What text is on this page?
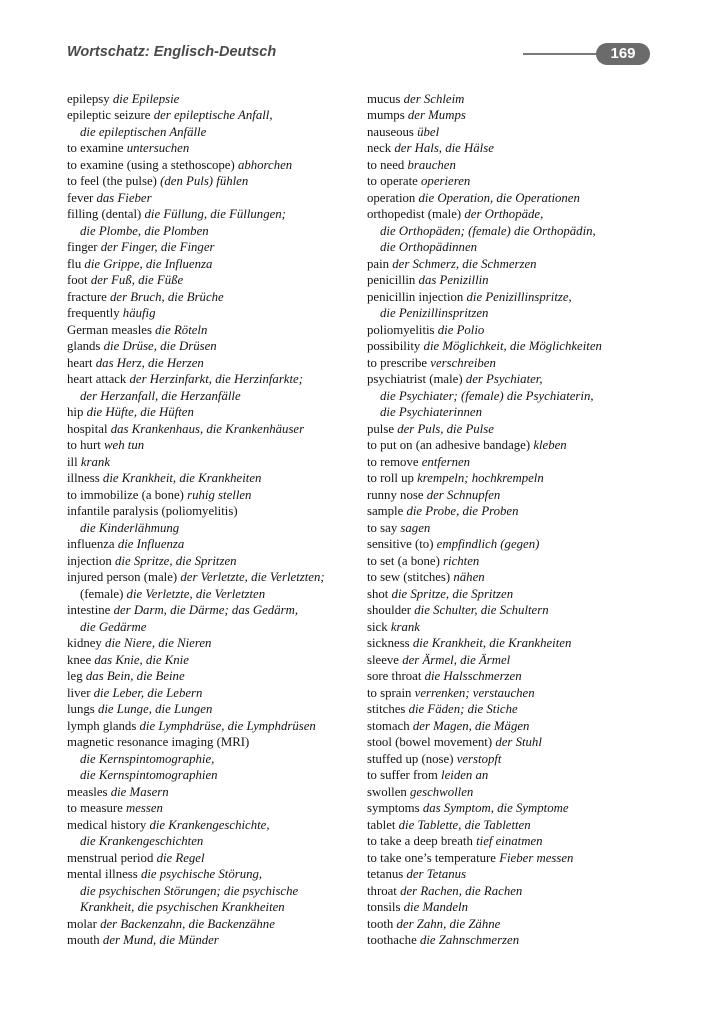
Wortschatz: Englisch-Deutsch	169
epilepsy die Epilepsie
epileptic seizure der epileptische Anfall,
die epileptischen Anfälle
to examine untersuchen
to examine (using a stethoscope) abhorchen
to feel (the pulse) (den Puls) fühlen
fever das Fieber
filling (dental) die Füllung, die Füllungen;
die Plombe, die Plomben
finger der Finger, die Finger
flu die Grippe, die Influenza
foot der Fuß, die Füße
fracture der Bruch, die Brüche
frequently häufig
German measles die Röteln
glands die Drüse, die Drüsen
heart das Herz, die Herzen
heart attack der Herzinfarkt, die Herzinfarkte;
der Herzanfall, die Herzanfälle
hip die Hüfte, die Hüften
hospital das Krankenhaus, die Krankenhäuser
to hurt weh tun
ill krank
illness die Krankheit, die Krankheiten
to immobilize (a bone) ruhig stellen
infantile paralysis (poliomyelitis)
die Kinderlähmung
influenza die Influenza
injection die Spritze, die Spritzen
injured person (male) der Verletzte, die Verletzten;
(female) die Verletzte, die Verletzten
intestine der Darm, die Därme; das Gedärm,
die Gedärme
kidney die Niere, die Nieren
knee das Knie, die Knie
leg das Bein, die Beine
liver die Leber, die Lebern
lungs die Lunge, die Lungen
lymph glands die Lymphdrüse, die Lymphdrüsen
magnetic resonance imaging (MRI)
die Kernspintomographie,
die Kernspintomographien
measles die Masern
to measure messen
medical history die Krankengeschichte,
die Krankengeschichten
menstrual period die Regel
mental illness die psychische Störung,
die psychischen Störungen; die psychische
Krankheit, die psychischen Krankheiten
molar der Backenzahn, die Backenzähne
mouth der Mund, die Münder
mucus der Schleim
mumps der Mumps
nauseous übel
neck der Hals, die Hälse
to need brauchen
to operate operieren
operation die Operation, die Operationen
orthopedist (male) der Orthopäde,
die Orthopäden; (female) die Orthopädin,
die Orthopädinnen
pain der Schmerz, die Schmerzen
penicillin das Penizillin
penicillin injection die Penizillinspritze,
die Penizillinspritzen
poliomyelitis die Polio
possibility die Möglichkeit, die Möglichkeiten
to prescribe verschreiben
psychiatrist (male) der Psychiater,
die Psychiater; (female) die Psychiaterin,
die Psychiaterinnen
pulse der Puls, die Pulse
to put on (an adhesive bandage) kleben
to remove entfernen
to roll up krempeln; hochkrempeln
runny nose der Schnupfen
sample die Probe, die Proben
to say sagen
sensitive (to) empfindlich (gegen)
to set (a bone) richten
to sew (stitches) nähen
shot die Spritze, die Spritzen
shoulder die Schulter, die Schultern
sick krank
sickness die Krankheit, die Krankheiten
sleeve der Ärmel, die Ärmel
sore throat die Halsschmerzen
to sprain verrenken; verstauchen
stitches die Fäden; die Stiche
stomach der Magen, die Mägen
stool (bowel movement) der Stuhl
stuffed up (nose) verstopft
to suffer from leiden an
swollen geschwollen
symptoms das Symptom, die Symptome
tablet die Tablette, die Tabletten
to take a deep breath tief einatmen
to take one’s temperature Fieber messen
tetanus der Tetanus
throat der Rachen, die Rachen
tonsils die Mandeln
tooth der Zahn, die Zähne
toothache die Zahnschmerzen
